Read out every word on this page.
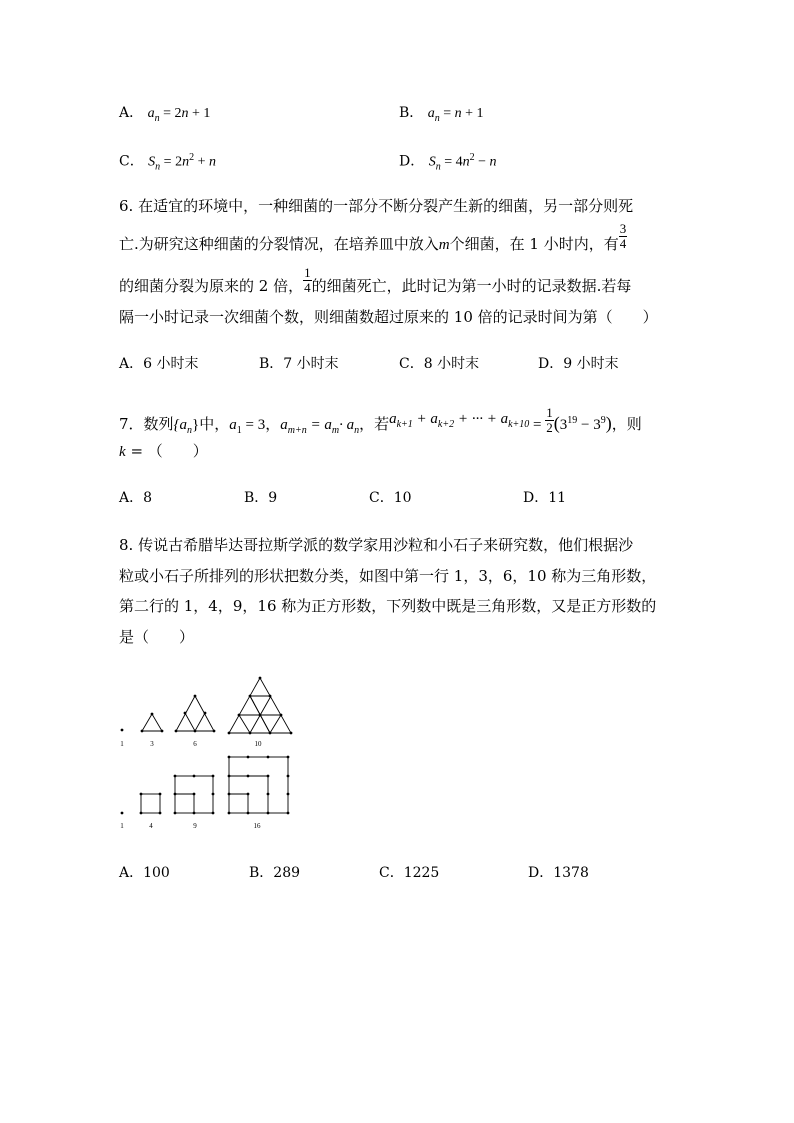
A． $a_n = 2n + 1$	B． $a_n = n + 1$
C． $S_n = 2n^2 + n$	D． $S_n = 4n^2 - n$
6. 在适宜的环境中，一种细菌的一部分不断分裂产生新的细菌，另一部分则死
亡.为研究这种细菌的分裂情况，在培养皿中放入m个细菌，在 1 小时内，有 $\frac{3}{4}$
的细菌分裂为原来的 2 倍， $\frac{1}{4}$ 的细菌死亡，此时记为第一小时的记录数据.若每
隔一小时记录一次细菌个数，则细菌数超过原来的 10 倍的记录时间为第（　　）
A．6 小时末	B．7 小时末	C．8 小时末	D．9 小时末
7．数列$\{a_n\}$中，$a_1 = 3$，$a_{m+n} = a_m\cdot a_n$，若$a_{k+1} + a_{k+2}$ + ··· + $a_{k+10} = \frac{1}{2} (3^{19} - 3^9)$，则
k = （　　）
A．8	B．9	C．10	D．11
8. 传说古希腊毕达哥拉斯学派的数学家用沙粒和小石子来研究数，他们根据沙
粒或小石子所排列的形状把数分类，如图中第一行 1，3，6，10 称为三角形数，
第二行的 1，4，9，16 称为正方形数，下列数中既是三角形数，又是正方形数的
是（　　）
1	3	6	10
1	4	9	16
A．100	B．289	C．1225	D．1378
